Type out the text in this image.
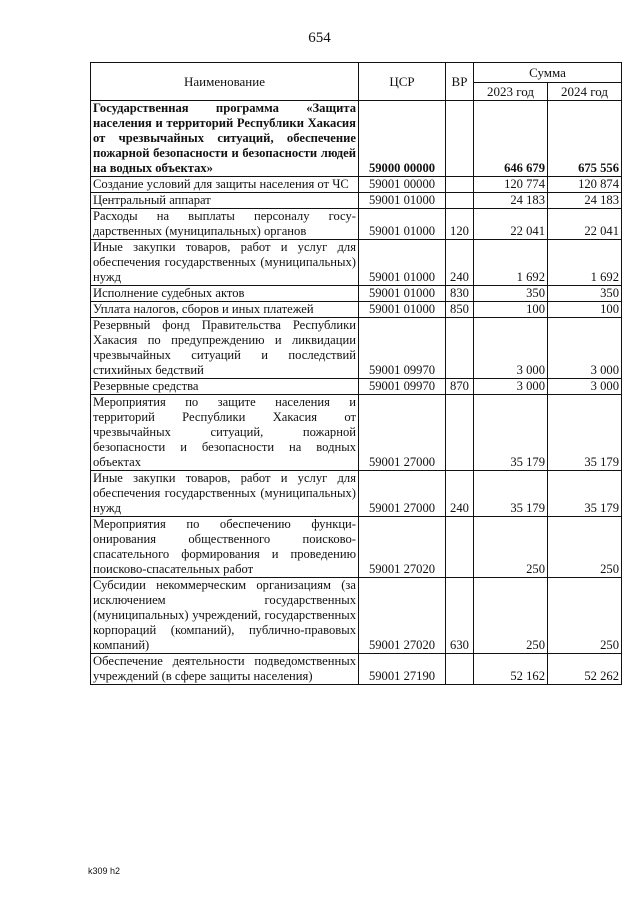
654
Наименование	ЦСР	ВР	Сумма	
			2023 год	2024 год
Государственная программа «Защита населения и территорий Республики Хакасия от чрезвычайных ситуаций, обеспечение пожарной безопасности и безопасности людей на водных объектах»	59000 00000		646 679	675 556
Создание условий для защиты населения от ЧС	59001 00000		120 774	120 874
Центральный аппарат	59001 01000		24 183	24 183
Расходы на выплаты персоналу государственных (муниципальных) органов	59001 01000	120	22 041	22 041
Иные закупки товаров, работ и услуг для обеспечения государственных (муниципальных) нужд	59001 01000	240	1 692	1 692
Исполнение судебных актов	59001 01000	830	350	350
Уплата налогов, сборов и иных платежей	59001 01000	850	100	100
Резервный фонд Правительства Республики Хакасия по предупреждению и ликвидации чрезвычайных ситуаций и последствий стихийных бедствий	59001 09970		3 000	3 000
Резервные средства	59001 09970	870	3 000	3 000
Мероприятия по защите населения и территорий Республики Хакасия от чрезвычайных ситуаций, пожарной безопасности и безопасности на водных объектах	59001 27000		35 179	35 179
Иные закупки товаров, работ и услуг для обеспечения государственных (муниципальных) нужд	59001 27000	240	35 179	35 179
Мероприятия по обеспечению функционирования общественного поисково-спасательного формирования и проведению поисково-спасательных работ	59001 27020		250	250
Субсидии некоммерческим организациям (за исключением государственных (муниципальных) учреждений, государственных корпораций (компаний), публично-правовых компаний)	59001 27020	630	250	250
Обеспечение деятельности подведомственных учреждений (в сфере защиты населения)	59001 27190		52 162	52 262
k309 h2
